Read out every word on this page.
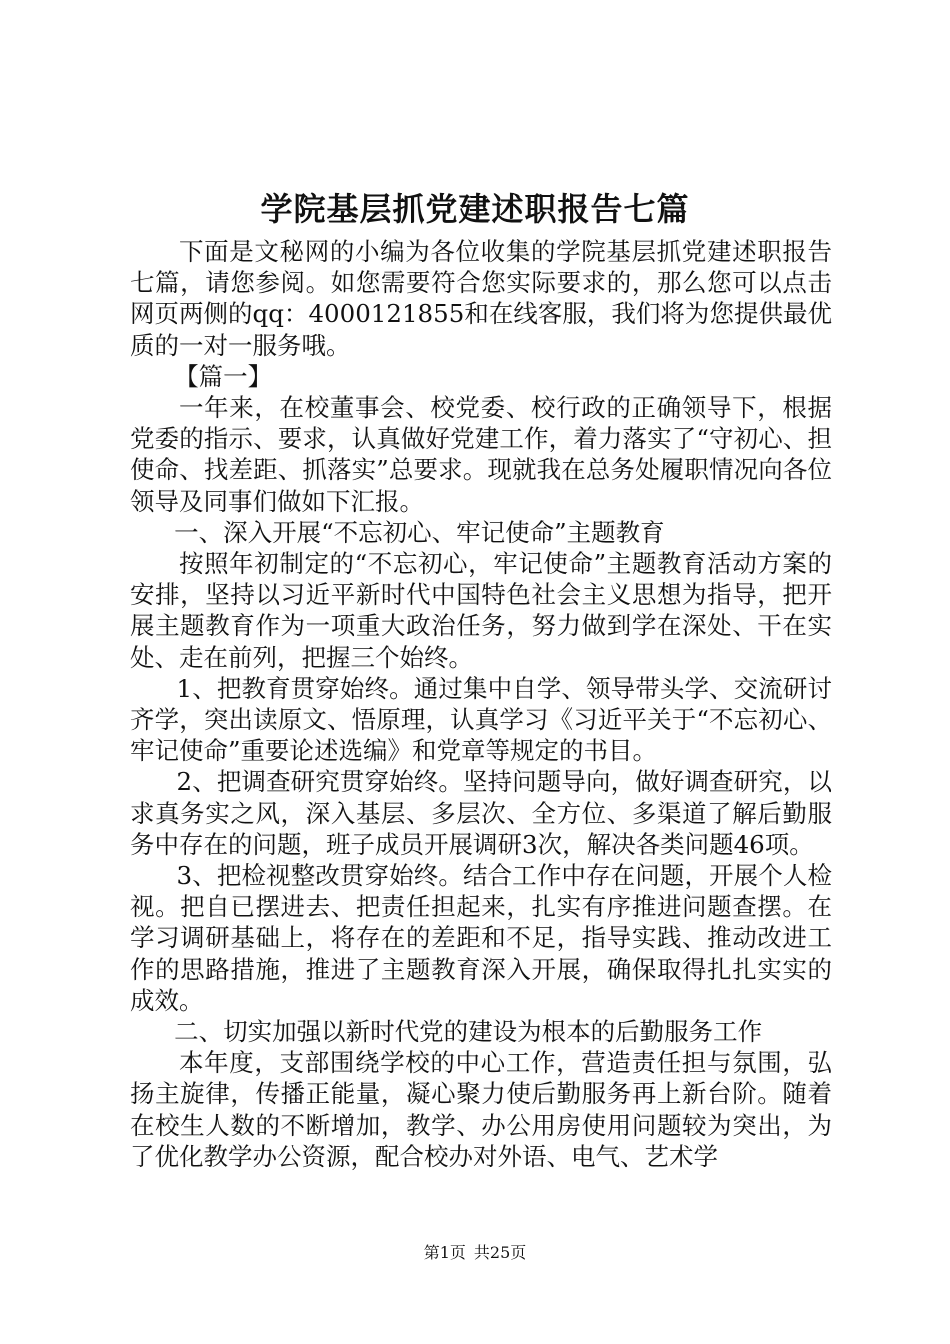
学院基层抓党建述职报告七篇

下面是文秘网的小编为各位收集的学院基层抓党建述职报告七篇，请您参阅。如您需要符合您实际要求的，那么您可以点击网页两侧的qq：4000121855和在线客服，我们将为您提供最优质的一对一服务哦。

【篇一】

一年来，在校董事会、校党委、校行政的正确领导下，根据党委的指示、要求，认真做好党建工作，着力落实了“守初心、担使命、找差距、抓落实”总要求。现就我在总务处履职情况向各位领导及同事们做如下汇报。

一、深入开展“不忘初心、牢记使命”主题教育

按照年初制定的“不忘初心，牢记使命”主题教育活动方案的安排，坚持以习近平新时代中国特色社会主义思想为指导，把开展主题教育作为一项重大政治任务，努力做到学在深处、干在实处、走在前列，把握三个始终。

1、把教育贯穿始终。通过集中自学、领导带头学、交流研讨齐学，突出读原文、悟原理，认真学习《习近平关于“不忘初心、牢记使命”重要论述选编》和党章等规定的书目。

2、把调查研究贯穿始终。坚持问题导向，做好调查研究，以求真务实之风，深入基层、多层次、全方位、多渠道了解后勤服务中存在的问题，班子成员开展调研3次，解决各类问题46项。

3、把检视整改贯穿始终。结合工作中存在问题，开展个人检视。把自已摆进去、把责任担起来，扎实有序推进问题查摆。在学习调研基础上，将存在的差距和不足，指导实践、推动改进工作的思路措施，推进了主题教育深入开展，确保取得扎扎实实的成效。

二、切实加强以新时代党的建设为根本的后勤服务工作

本年度，支部围绕学校的中心工作，营造责任担与氛围，弘扬主旋律，传播正能量，凝心聚力使后勤服务再上新台阶。随着在校生人数的不断增加，教学、办公用房使用问题较为突出，为了优化教学办公资源，配合校办对外语、电气、艺术学

第1页 共25页
